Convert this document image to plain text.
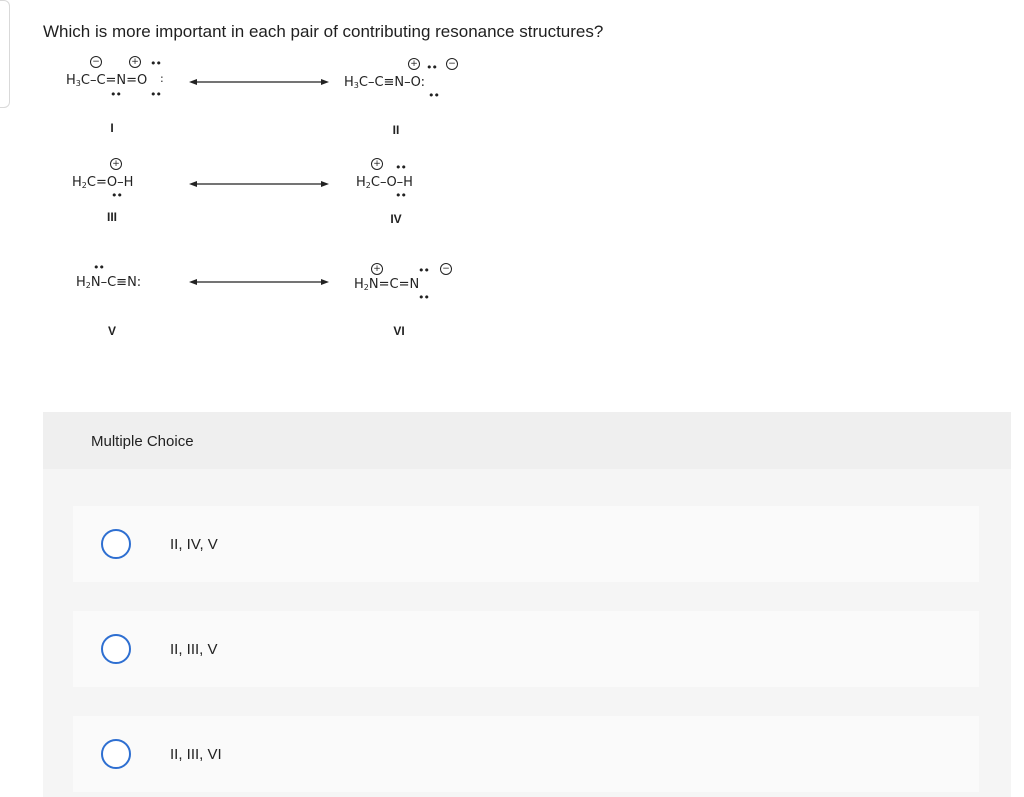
Which is more important in each pair of contributing resonance structures?
−	+ ••
$H_3C-C=N=O$
••	••
:
+ •• −
$H_3C-C\equiv N-O$:
••
I	II
+
$H_2C=O-H$
••
+ ••
$H_2C-O-H$
••
III	IV
••
$H_2N-C\equiv N$:
+	•• −
$H_2N=C=N$
••
V	VI
Multiple Choice
II, IV, V
II, III, V
II, III, VI
